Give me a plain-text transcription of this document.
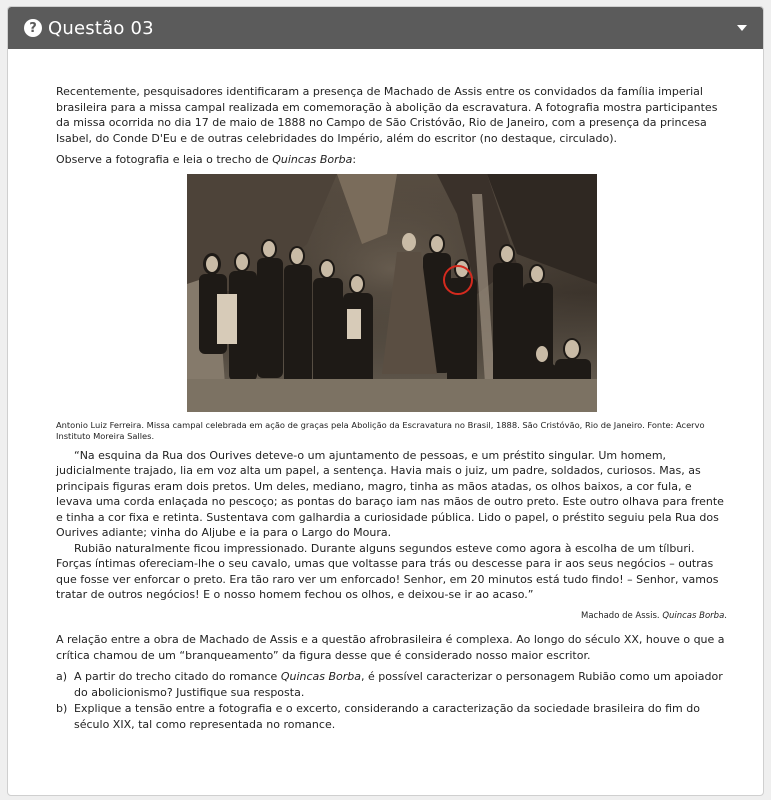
? Questão 03

Recentemente, pesquisadores identificaram a presença de Machado de Assis entre os convidados da família imperial brasileira para a missa campal realizada em comemoração à abolição da escravatura. A fotografia mostra participantes da missa ocorrida no dia 17 de maio de 1888 no Campo de São Cristóvão, Rio de Janeiro, com a presença da princesa Isabel, do Conde D'Eu e de outras celebridades do Império, além do escritor (no destaque, circulado).

Observe a fotografia e leia o trecho de Quincas Borba:

Antonio Luiz Ferreira. Missa campal celebrada em ação de graças pela Abolição da Escravatura no Brasil, 1888. São Cristóvão, Rio de Janeiro. Fonte: Acervo Instituto Moreira Salles.

“Na esquina da Rua dos Ourives deteve-o um ajuntamento de pessoas, e um préstito singular. Um homem, judicialmente trajado, lia em voz alta um papel, a sentença. Havia mais o juiz, um padre, soldados, curiosos. Mas, as principais figuras eram dois pretos. Um deles, mediano, magro, tinha as mãos atadas, os olhos baixos, a cor fula, e levava uma corda enlaçada no pescoço; as pontas do baraço iam nas mãos de outro preto. Este outro olhava para frente e tinha a cor fixa e retinta. Sustentava com galhardia a curiosidade pública. Lido o papel, o préstito seguiu pela Rua dos Ourives adiante; vinha do Aljube e ia para o Largo do Moura.

Rubião naturalmente ficou impressionado. Durante alguns segundos esteve como agora à escolha de um tílburi. Forças íntimas ofereciam-lhe o seu cavalo, umas que voltasse para trás ou descesse para ir aos seus negócios – outras que fosse ver enforcar o preto. Era tão raro ver um enforcado! Senhor, em 20 minutos está tudo findo! – Senhor, vamos tratar de outros negócios! E o nosso homem fechou os olhos, e deixou-se ir ao acaso.”

Machado de Assis. Quincas Borba.

A relação entre a obra de Machado de Assis e a questão afrobrasileira é complexa. Ao longo do século XX, houve o que a crítica chamou de um “branqueamento” da figura desse que é considerado nosso maior escritor.

a) A partir do trecho citado do romance Quincas Borba, é possível caracterizar o personagem Rubião como um apoiador do abolicionismo? Justifique sua resposta.
b) Explique a tensão entre a fotografia e o excerto, considerando a caracterização da sociedade brasileira do fim do século XIX, tal como representada no romance.
